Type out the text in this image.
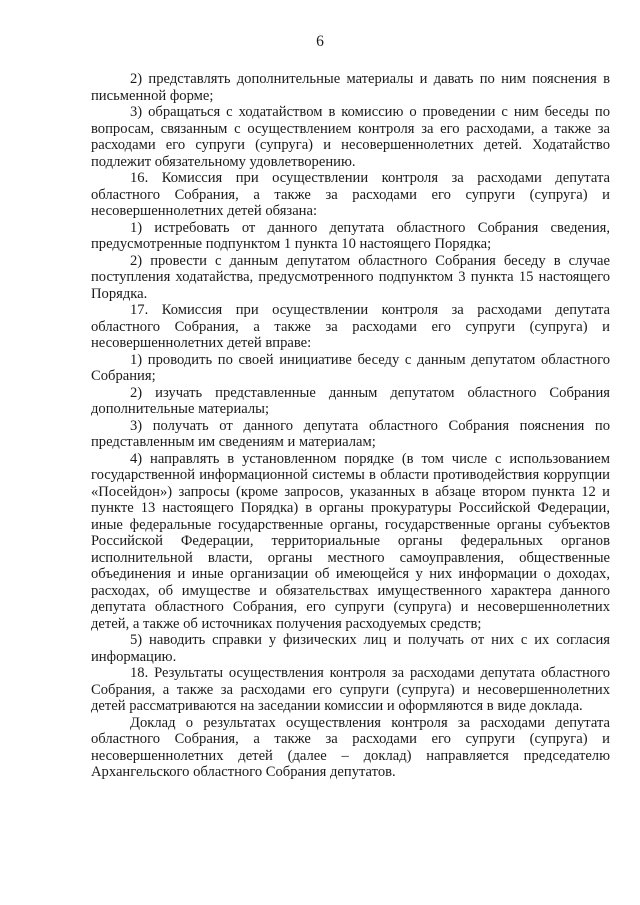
6

2) представлять дополнительные материалы и давать по ним пояснения в письменной форме;

3) обращаться с ходатайством в комиссию о проведении с ним беседы по вопросам, связанным с осуществлением контроля за его расходами, а также за расходами его супруги (супруга) и несовершеннолетних детей. Ходатайство подлежит обязательному удовлетворению.

16. Комиссия при осуществлении контроля за расходами депутата областного Собрания, а также за расходами его супруги (супруга) и несовершеннолетних детей обязана:

1) истребовать от данного депутата областного Собрания сведения, предусмотренные подпунктом 1 пункта 10 настоящего Порядка;

2) провести с данным депутатом областного Собрания беседу в случае поступления ходатайства, предусмотренного подпунктом 3 пункта 15 настоящего Порядка.

17. Комиссия при осуществлении контроля за расходами депутата областного Собрания, а также за расходами его супруги (супруга) и несовершеннолетних детей вправе:

1) проводить по своей инициативе беседу с данным депутатом областного Собрания;

2) изучать представленные данным депутатом областного Собрания дополнительные материалы;

3) получать от данного депутата областного Собрания пояснения по представленным им сведениям и материалам;

4) направлять в установленном порядке (в том числе с использованием государственной информационной системы в области противодействия коррупции «Посейдон») запросы (кроме запросов, указанных в абзаце втором пункта 12 и пункте 13 настоящего Порядка) в органы прокуратуры Российской Федерации, иные федеральные государственные органы, государственные органы субъектов Российской Федерации, территориальные органы федеральных органов исполнительной власти, органы местного самоуправления, общественные объединения и иные организации об имеющейся у них информации о доходах, расходах, об имуществе и обязательствах имущественного характера данного депутата областного Собрания, его супруги (супруга) и несовершеннолетних детей, а также об источниках получения расходуемых средств;

5) наводить справки у физических лиц и получать от них с их согласия информацию.

18. Результаты осуществления контроля за расходами депутата областного Собрания, а также за расходами его супруги (супруга) и несовершеннолетних детей рассматриваются на заседании комиссии и оформляются в виде доклада.

Доклад о результатах осуществления контроля за расходами депутата областного Собрания, а также за расходами его супруги (супруга) и несовершеннолетних детей (далее – доклад) направляется председателю Архангельского областного Собрания депутатов.
